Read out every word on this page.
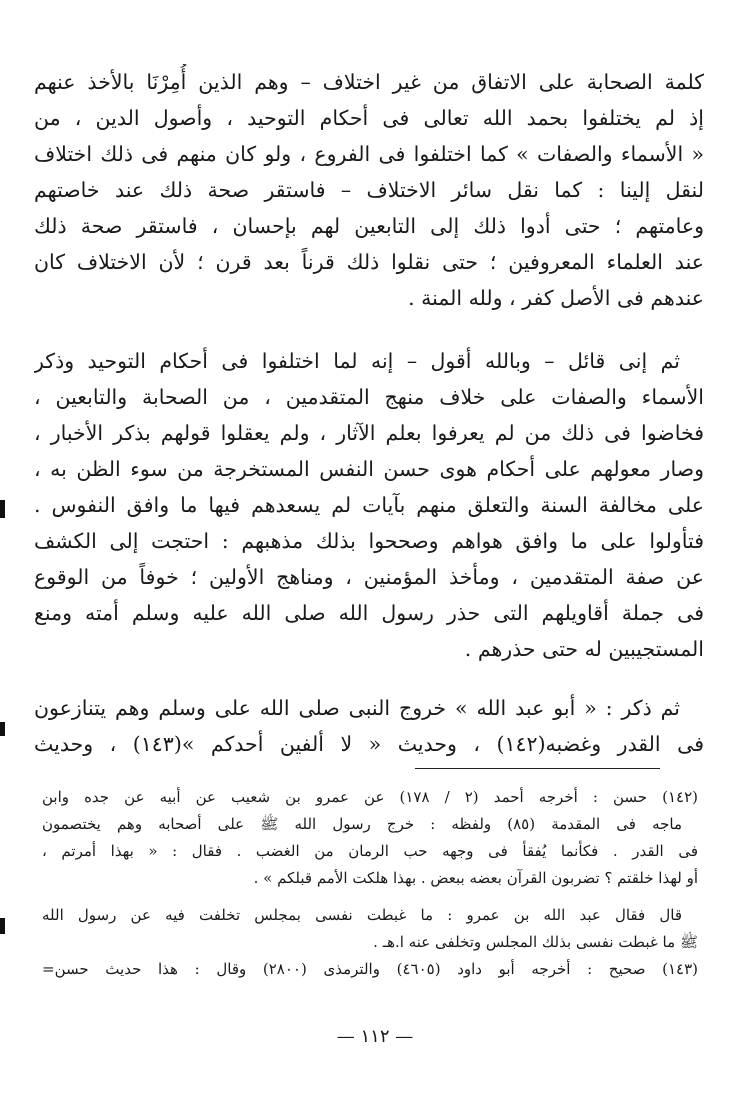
كلمة الصحابة على الاتفاق من غير اختلاف – وهم الذين أُمِرْنَا بالأخذ عنهم
إذ لم يختلفوا بحمد الله تعالى فى أحكام التوحيد ، وأصول الدين ، من
« الأسماء والصفات » كما اختلفوا فى الفروع ، ولو كان منهم فى ذلك اختلاف
لنقل إلينا : كما نقل سائر الاختلاف – فاستقر صحة ذلك عند خاصتهم
وعامتهم ؛ حتى أدوا ذلك إلى التابعين لهم بإحسان ، فاستقر صحة ذلك
عند العلماء المعروفين ؛ حتى نقلوا ذلك قرناً بعد قرن ؛ لأن الاختلاف كان
عندهم فى الأصل كفر ، ولله المنة .
ثم إنى قائل – وبالله أقول – إنه لما اختلفوا فى أحكام التوحيد وذكر
الأسماء والصفات على خلاف منهج المتقدمين ، من الصحابة والتابعين ،
فخاضوا فى ذلك من لم يعرفوا بعلم الآثار ، ولم يعقلوا قولهم بذكر الأخبار ،
وصار معولهم على أحكام هوى حسن النفس المستخرجة من سوء الظن به ،
على مخالفة السنة والتعلق منهم بآيات لم يسعدهم فيها ما وافق النفوس .
فتأولوا على ما وافق هواهم وصححوا بذلك مذهبهم : احتجت إلى الكشف
عن صفة المتقدمين ، ومأخذ المؤمنين ، ومناهج الأولين ؛ خوفاً من الوقوع
فى جملة أقاويلهم التى حذر رسول الله صلى الله عليه وسلم أمته ومنع
المستجيبين له حتى حذرهم .
ثم ذكر : « أبو عبد الله » خروج النبى صلى الله على وسلم وهم يتنازعون
فى القدر وغضبه(١٤٢) ، وحديث « لا ألفين أحدكم »(١٤٣) ، وحديث
(١٤٢) حسن : أخرجه أحمد (٢ / ١٧٨) عن عمرو بن شعيب عن أبيه عن جده وابن
ماجه فى المقدمة (٨٥) ولفظه : خرج رسول الله ﷺ على أصحابه وهم يختصمون
فى القدر . فكأنما يُفقأ فى وجهه حب الرمان من الغضب . فقال : « بهذا أمرتم ،
أو لهذا خلقتم ؟ تضربون القرآن بعضه ببعض . بهذا هلكت الأمم قبلكم » .
قال فقال عبد الله بن عمرو : ما غبطت نفسى بمجلس تخلفت فيه عن رسول الله
ﷺ ما غبطت نفسى بذلك المجلس وتخلفى عنه ا.هـ .
(١٤٣) صحيح : أخرجه أبو داود (٤٦٠٥) والترمذى (٢٨٠٠) وقال : هذا حديث حسن=
— ١١٢ —
